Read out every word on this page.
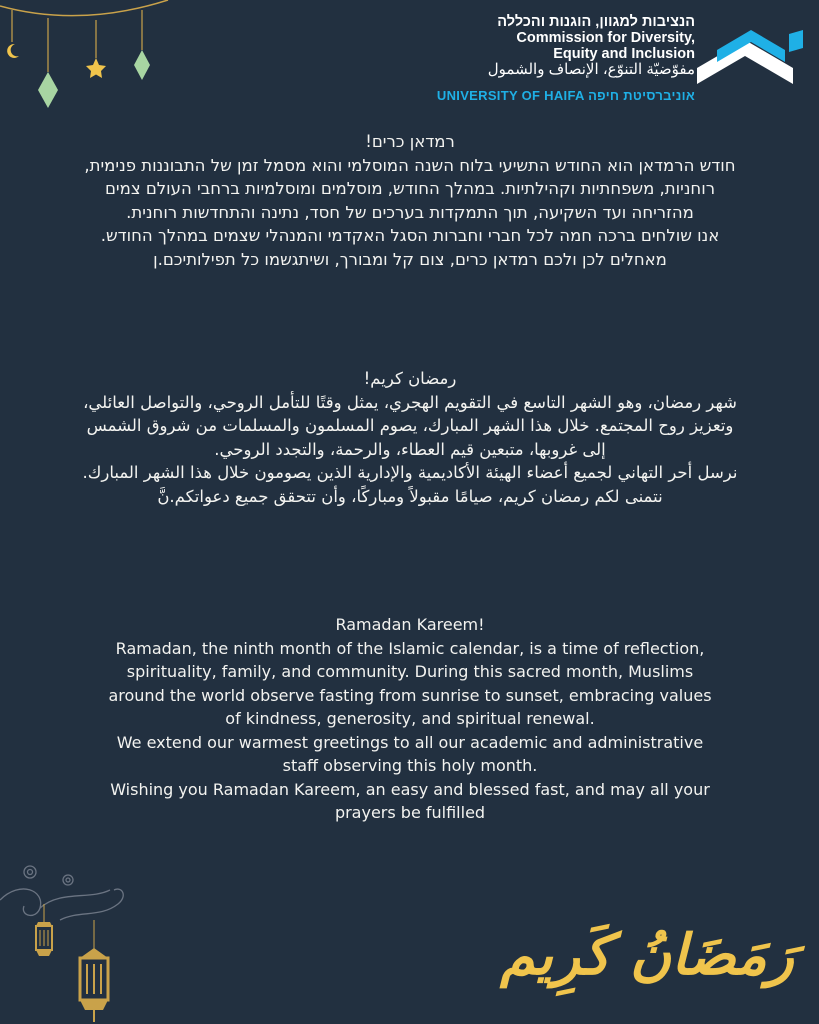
הנציבות למגוון, הוגנות והכללה
Commission for Diversity,
Equity and Inclusion
مفوّضيّة التنوّع، الإنصاف والشمول
UNIVERSITY OF HAIFA אוניברסיטת חיפה

רמדאן כרים!

חודש הרמדאן הוא החודש התשיעי בלוח השנה המוסלמי והוא מסמל זמן של התבוננות פנימית, רוחניות, משפחתיות וקהילתיות. במהלך החודש, מוסלמים ומוסלמיות ברחבי העולם צמים מהזריחה ועד השקיעה, תוך התמקדות בערכים של חסד, נתינה והתחדשות רוחנית.

אנו שולחים ברכה חמה לכל חברי וחברות הסגל האקדמי והמנהלי שצמים במהלך החודש.

מאחלים לכן ולכם רמדאן כרים, צום קל ומבורך, ושיתגשמו כל תפילותיכם.ן

رمضان كريم!

شهر رمضان، وهو الشهر التاسع في التقويم الهجري، يمثل وقتًا للتأمل الروحي، والتواصل العائلي، وتعزيز روح المجتمع. خلال هذا الشهر المبارك، يصوم المسلمون والمسلمات من شروق الشمس إلى غروبها، متبعين قيم العطاء، والرحمة، والتجدد الروحي.

نرسل أحر التهاني لجميع أعضاء الهيئة الأكاديمية والإدارية الذين يصومون خلال هذا الشهر المبارك.

نتمنى لكم رمضان كريم، صيامًا مقبولاً ومباركًا، وأن تتحقق جميع دعواتكم.نَّ

Ramadan Kareem!

Ramadan, the ninth month of the Islamic calendar, is a time of reflection, spirituality, family, and community. During this sacred month, Muslims around the world observe fasting from sunrise to sunset, embracing values of kindness, generosity, and spiritual renewal.

We extend our warmest greetings to all our academic and administrative staff observing this holy month.

Wishing you Ramadan Kareem, an easy and blessed fast, and may all your prayers be fulfilled

رَمَضَانُ كَرِيم
